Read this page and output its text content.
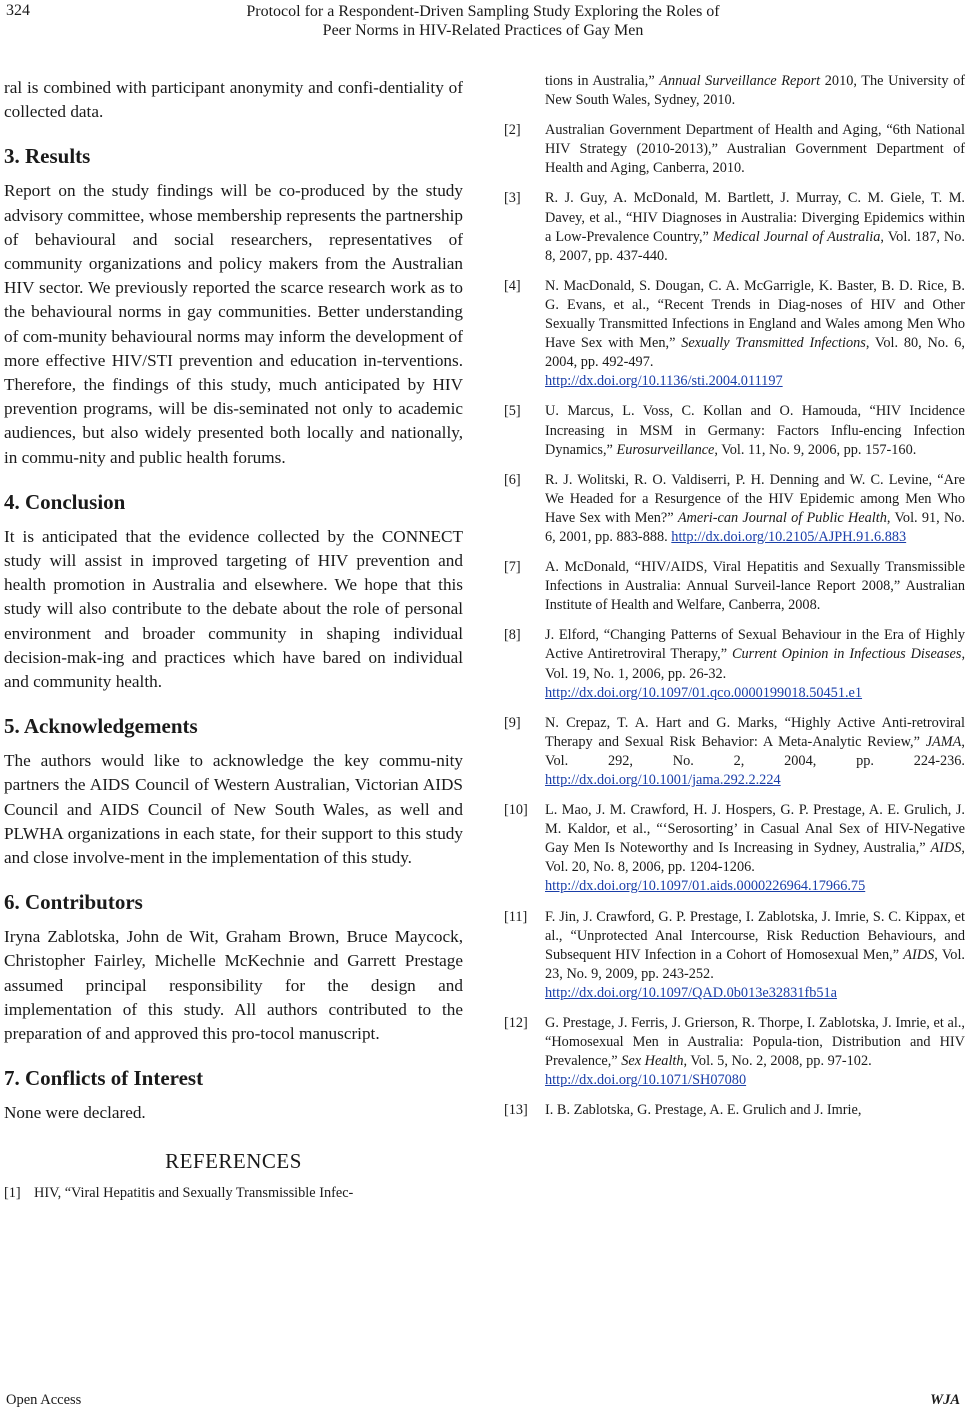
324	Protocol for a Respondent-Driven Sampling Study Exploring the Roles of
Peer Norms in HIV-Related Practices of Gay Men

ral is combined with participant anonymity and confi-dentiality of collected data.

3. Results

Report on the study findings will be co-produced by the study advisory committee, whose membership represents the partnership of behavioural and social researchers, representatives of community organizations and policy makers from the Australian HIV sector. We previously reported the scarce research work as to the behavioural norms in gay communities. Better understanding of com-munity behavioural norms may inform the development of more effective HIV/STI prevention and education in-terventions. Therefore, the findings of this study, much anticipated by HIV prevention programs, will be dis-seminated not only to academic audiences, but also widely presented both locally and nationally, in commu-nity and public health forums.

4. Conclusion

It is anticipated that the evidence collected by the CONNECT study will assist in improved targeting of HIV prevention and health promotion in Australia and elsewhere. We hope that this study will also contribute to the debate about the role of personal environment and broader community in shaping individual decision-mak-ing and practices which have bared on individual and community health.

5. Acknowledgements

The authors would like to acknowledge the key commu-nity partners the AIDS Council of Western Australian, Victorian AIDS Council and AIDS Council of New South Wales, as well and PLWHA organizations in each state, for their support to this study and close involve-ment in the implementation of this study.

6. Contributors

Iryna Zablotska, John de Wit, Graham Brown, Bruce Maycock, Christopher Fairley, Michelle McKechnie and Garrett Prestage assumed principal responsibility for the design and implementation of this study. All authors contributed to the preparation of and approved this pro-tocol manuscript.

7. Conflicts of Interest

None were declared.

REFERENCES
[1] HIV, “Viral Hepatitis and Sexually Transmissible Infec-
tions in Australia,” Annual Surveillance Report 2010, The University of New South Wales, Sydney, 2010.
[2]	Australian Government Department of Health and Aging, “6th National HIV Strategy (2010-2013),” Australian Government Department of Health and Aging, Canberra, 2010.
[3]	R. J. Guy, A. McDonald, M. Bartlett, J. Murray, C. M. Giele, T. M. Davey, et al., “HIV Diagnoses in Australia: Diverging Epidemics within a Low-Prevalence Country,” Medical Journal of Australia, Vol. 187, No. 8, 2007, pp. 437-440.
[4]	N. MacDonald, S. Dougan, C. A. McGarrigle, K. Baster, B. D. Rice, B. G. Evans, et al., “Recent Trends in Diag-noses of HIV and Other Sexually Transmitted Infections in England and Wales among Men Who Have Sex with Men,” Sexually Transmitted Infections, Vol. 80, No. 6, 2004, pp. 492-497.
http://dx.doi.org/10.1136/sti.2004.011197
[5]	U. Marcus, L. Voss, C. Kollan and O. Hamouda, “HIV Incidence Increasing in MSM in Germany: Factors Influ-encing Infection Dynamics,” Eurosurveillance, Vol. 11, No. 9, 2006, pp. 157-160.
[6]	R. J. Wolitski, R. O. Valdiserri, P. H. Denning and W. C. Levine, “Are We Headed for a Resurgence of the HIV Epidemic among Men Who Have Sex with Men?” Ameri-can Journal of Public Health, Vol. 91, No. 6, 2001, pp. 883-888. http://dx.doi.org/10.2105/AJPH.91.6.883
[7]	A. McDonald, “HIV/AIDS, Viral Hepatitis and Sexually Transmissible Infections in Australia: Annual Surveil-lance Report 2008,” Australian Institute of Health and Welfare, Canberra, 2008.
[8]	J. Elford, “Changing Patterns of Sexual Behaviour in the Era of Highly Active Antiretroviral Therapy,” Current Opinion in Infectious Diseases, Vol. 19, No. 1, 2006, pp. 26-32.
http://dx.doi.org/10.1097/01.qco.0000199018.50451.e1
[9]	N. Crepaz, T. A. Hart and G. Marks, “Highly Active Anti-retroviral Therapy and Sexual Risk Behavior: A Meta-Analytic Review,” JAMA, Vol. 292, No. 2, 2004, pp. 224-236. http://dx.doi.org/10.1001/jama.292.2.224
[10]	L. Mao, J. M. Crawford, H. J. Hospers, G. P. Prestage, A. E. Grulich, J. M. Kaldor, et al., “‘Serosorting’ in Casual Anal Sex of HIV-Negative Gay Men Is Noteworthy and Is Increasing in Sydney, Australia,” AIDS, Vol. 20, No. 8, 2006, pp. 1204-1206.
http://dx.doi.org/10.1097/01.aids.0000226964.17966.75
[11]	F. Jin, J. Crawford, G. P. Prestage, I. Zablotska, J. Imrie, S. C. Kippax, et al., “Unprotected Anal Intercourse, Risk Reduction Behaviours, and Subsequent HIV Infection in a Cohort of Homosexual Men,” AIDS, Vol. 23, No. 9, 2009, pp. 243-252.
http://dx.doi.org/10.1097/QAD.0b013e32831fb51a
[12]	G. Prestage, J. Ferris, J. Grierson, R. Thorpe, I. Zablotska, J. Imrie, et al., “Homosexual Men in Australia: Popula-tion, Distribution and HIV Prevalence,” Sex Health, Vol. 5, No. 2, 2008, pp. 97-102.
http://dx.doi.org/10.1071/SH07080
[13]	I. B. Zablotska, G. Prestage, A. E. Grulich and J. Imrie,
Open Access	WJA
